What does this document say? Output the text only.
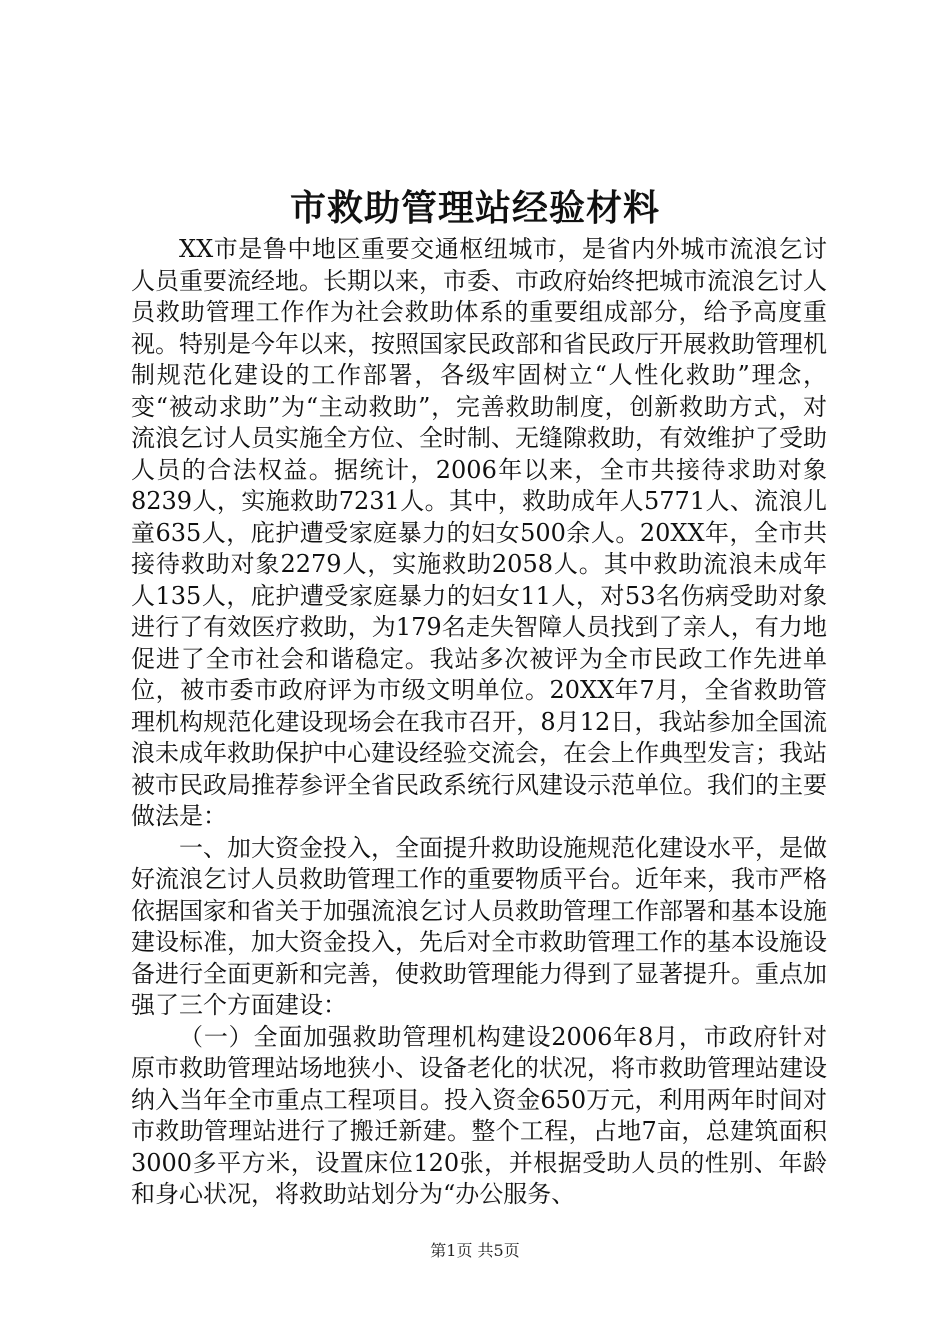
市救助管理站经验材料

XX市是鲁中地区重要交通枢纽城市，是省内外城市流浪乞讨人员重要流经地。长期以来，市委、市政府始终把城市流浪乞讨人员救助管理工作作为社会救助体系的重要组成部分，给予高度重视。特别是今年以来，按照国家民政部和省民政厅开展救助管理机制规范化建设的工作部署，各级牢固树立“人性化救助”理念，变“被动求助”为“主动救助”，完善救助制度，创新救助方式，对流浪乞讨人员实施全方位、全时制、无缝隙救助，有效维护了受助人员的合法权益。据统计，2006年以来，全市共接待求助对象8239人，实施救助7231人。其中，救助成年人5771人、流浪儿童635人，庇护遭受家庭暴力的妇女500余人。20XX年，全市共接待救助对象2279人，实施救助2058人。其中救助流浪未成年人135人，庇护遭受家庭暴力的妇女11人，对53名伤病受助对象进行了有效医疗救助，为179名走失智障人员找到了亲人，有力地促进了全市社会和谐稳定。我站多次被评为全市民政工作先进单位，被市委市政府评为市级文明单位。20XX年7月，全省救助管理机构规范化建设现场会在我市召开，8月12日，我站参加全国流浪未成年救助保护中心建设经验交流会，在会上作典型发言；我站被市民政局推荐参评全省民政系统行风建设示范单位。我们的主要做法是：

一、加大资金投入，全面提升救助设施规范化建设水平，是做好流浪乞讨人员救助管理工作的重要物质平台。近年来，我市严格依据国家和省关于加强流浪乞讨人员救助管理工作部署和基本设施建设标准，加大资金投入，先后对全市救助管理工作的基本设施设备进行全面更新和完善，使救助管理能力得到了显著提升。重点加强了三个方面建设：

（一）全面加强救助管理机构建设2006年8月，市政府针对原市救助管理站场地狭小、设备老化的状况，将市救助管理站建设纳入当年全市重点工程项目。投入资金650万元，利用两年时间对市救助管理站进行了搬迁新建。整个工程，占地7亩，总建筑面积3000多平方米，设置床位120张，并根据受助人员的性别、年龄和身心状况，将救助站划分为“办公服务、

第1页 共5页
